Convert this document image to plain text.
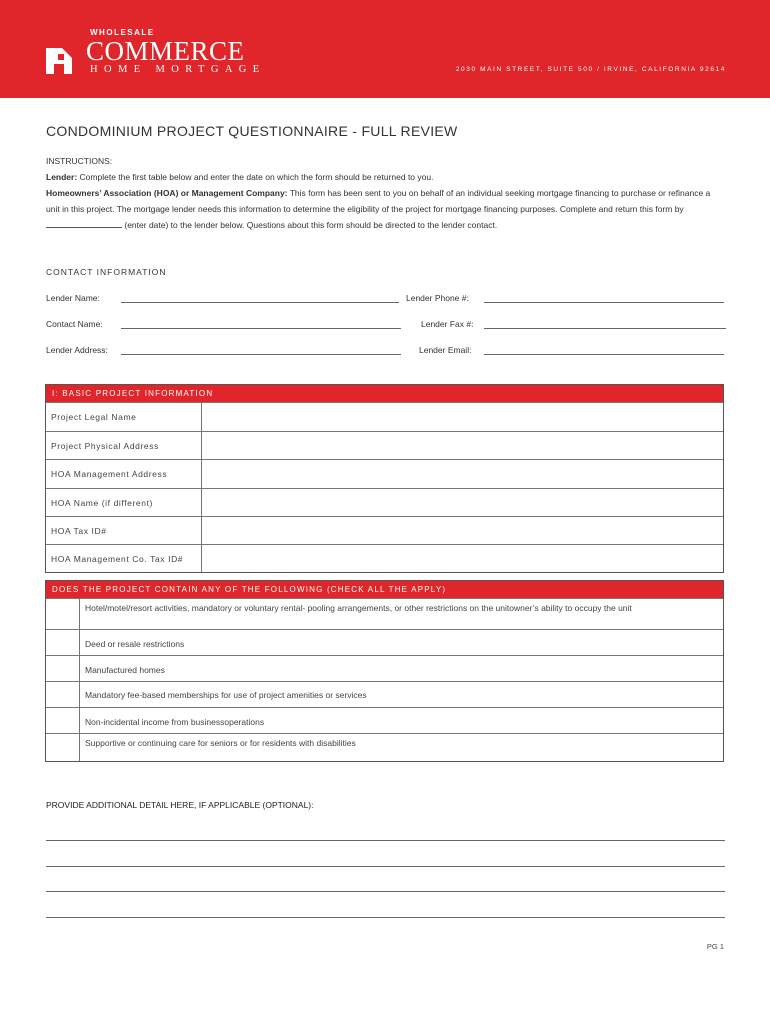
WHOLESALE
COMMERCE
HOME MORTGAGE	2030 MAIN STREET, SUITE 500 / IRVINE, CALIFORNIA 92614
CONDOMINIUM PROJECT QUESTIONNAIRE - FULL REVIEW
INSTRUCTIONS:
Lender: Complete the first table below and enter the date on which the form should be returned to you.
Homeowners’ Association (HOA) or Management Company: This form has been sent to you on behalf of an individual seeking mortgage financing to purchase or refinance a unit in this project. The mortgage lender needs this information to determine the eligibility of the project for mortgage financing purposes. Complete and return this form by  (enter date) to the lender below. Questions about this form should be directed to the lender contact.
CONTACT INFORMATION
Lender Name:	Lender Phone #:
Contact Name:	Lender Fax #:
Lender Address:	Lender Email:
I: BASIC PROJECT INFORMATION
Project Legal Name
Project Physical Address
HOA Management Address
HOA Name (if different)
HOA Tax ID#
HOA Management Co. Tax ID#
DOES THE PROJECT CONTAIN ANY OF THE FOLLOWING (CHECK ALL THE APPLY)
Hotel/motel/resort activities, mandatory or voluntary rental- pooling arrangements, or other restrictions on the unitowner’s ability to occupy the unit
Deed or resale restrictions
Manufactured homes
Mandatory fee-based memberships for use of project amenities or services
Non-incidental income from businessoperations
Supportive or continuing care for seniors or for residents with disabilities
PROVIDE ADDITIONAL DETAIL HERE, IF APPLICABLE (OPTIONAL):
PG 1
